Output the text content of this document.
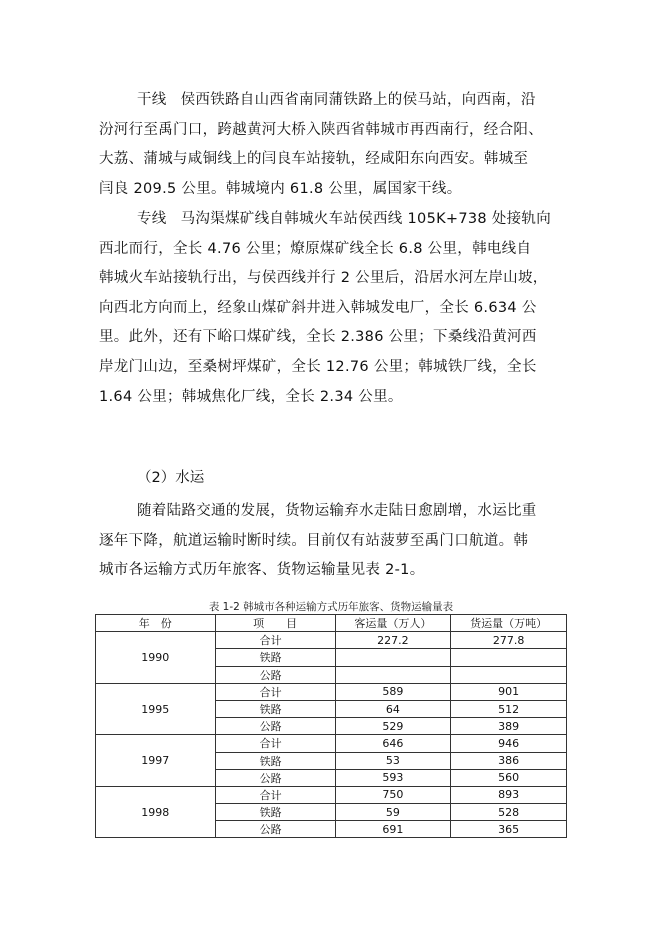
干线 侯西铁路自山西省南同蒲铁路上的侯马站，向西南，沿
汾河行至禹门口，跨越黄河大桥入陕西省韩城市再西南行，经合阳、
大荔、蒲城与咸铜线上的闫良车站接轨，经咸阳东向西安。韩城至
闫良 209.5 公里。韩城境内 61.8 公里，属国家干线。
专线 马沟渠煤矿线自韩城火车站侯西线 105K+738 处接轨向
西北而行，全长 4.76 公里；燎原煤矿线全长 6.8 公里，韩电线自
韩城火车站接轨行出，与侯西线并行 2 公里后，沿居水河左岸山坡，
向西北方向而上，经象山煤矿斜井进入韩城发电厂，全长 6.634 公
里。此外，还有下峪口煤矿线，全长 2.386 公里；下桑线沿黄河西
岸龙门山边，至桑树坪煤矿，全长 12.76 公里；韩城铁厂线，全长
1.64 公里；韩城焦化厂线，全长 2.34 公里。
（2）水运
随着陆路交通的发展，货物运输弃水走陆日愈剧增，水运比重
逐年下降，航道运输时断时续。目前仅有站菠萝至禹门口航道。韩
城市各运输方式历年旅客、货物运输量见表 2-1。
表 1-2 韩城市各种运输方式历年旅客、货物运输量表
年　份	项　　目	客运量（万人）	货运量（万吨）
1990	合计	227.2	277.8
	铁路		
	公路		
1995	合计	589	901
	铁路	64	512
	公路	529	389
1997	合计	646	946
	铁路	53	386
	公路	593	560
1998	合计	750	893
	铁路	59	528
	公路	691	365
